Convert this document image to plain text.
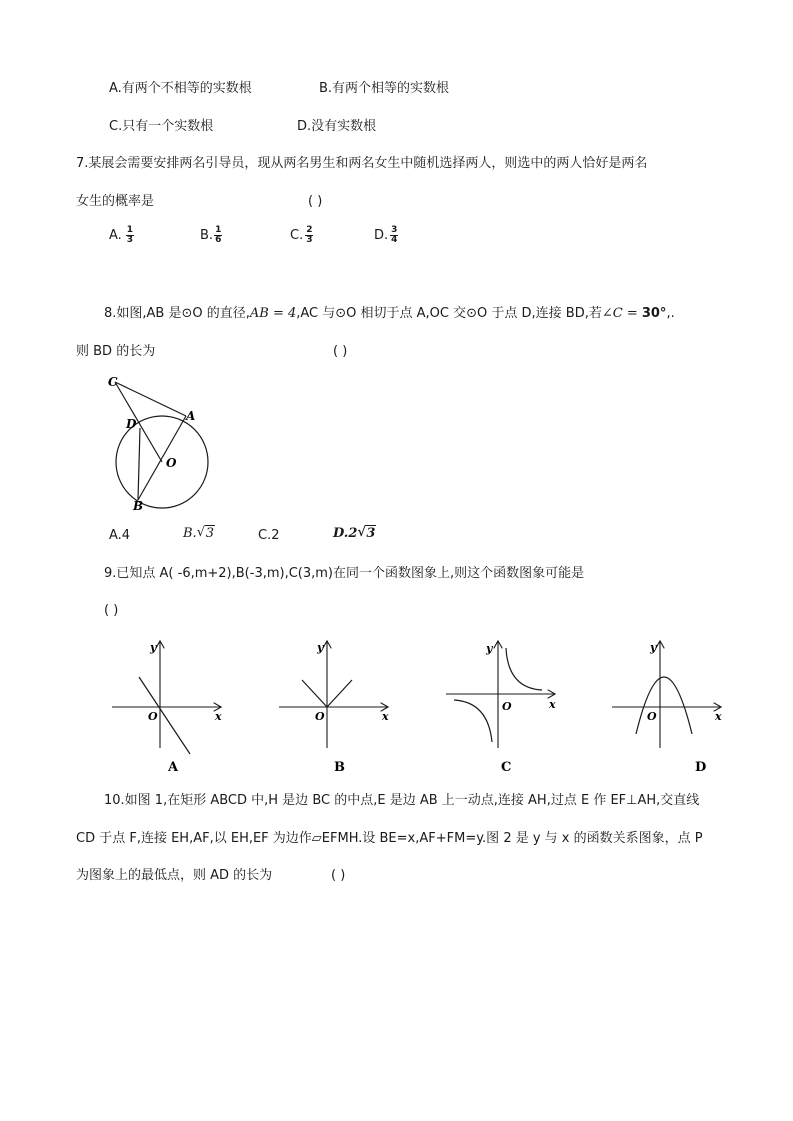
A.有两个不相等的实数根	B.有两个相等的实数根
C.只有一个实数根	D.没有实数根
7.某展会需要安排两名引导员，现从两名男生和两名女生中随机选择两人，则选中的两人恰好是两名
女生的概率是	( )
A. $\frac{1}{3}$	B. $\frac{1}{6}$	C. $\frac{2}{3}$	D. $\frac{3}{4}$
8.如图,AB 是⊙O 的直径,AB = 4,AC 与⊙O 相切于点 A,OC 交⊙O 于点 D,连接 BD,若∠C = 30°,.
则 BD 的长为	( )
C
D
A
O
B
A.4	B. √ 3	C.2	D.2 √ 3
9.已知点 A( -6,m+2),B(-3,m),C(3,m)在同一个函数图象上,则这个函数图象可能是
( )
y
x
O
A
y
x
O
B
y
x
O
C
y
x
O
D
10.如图 1,在矩形 ABCD 中,H 是边 BC 的中点,E 是边 AB 上一动点,连接 AH,过点 E 作 EF⊥AH,交直线
CD 于点 F,连接 EH,AF,以 EH,EF 为边作▱EFMH.设 BE=x,AF+FM=y.图 2 是 y 与 x 的函数关系图象，点 P
为图象上的最低点，则 AD 的长为	( )
